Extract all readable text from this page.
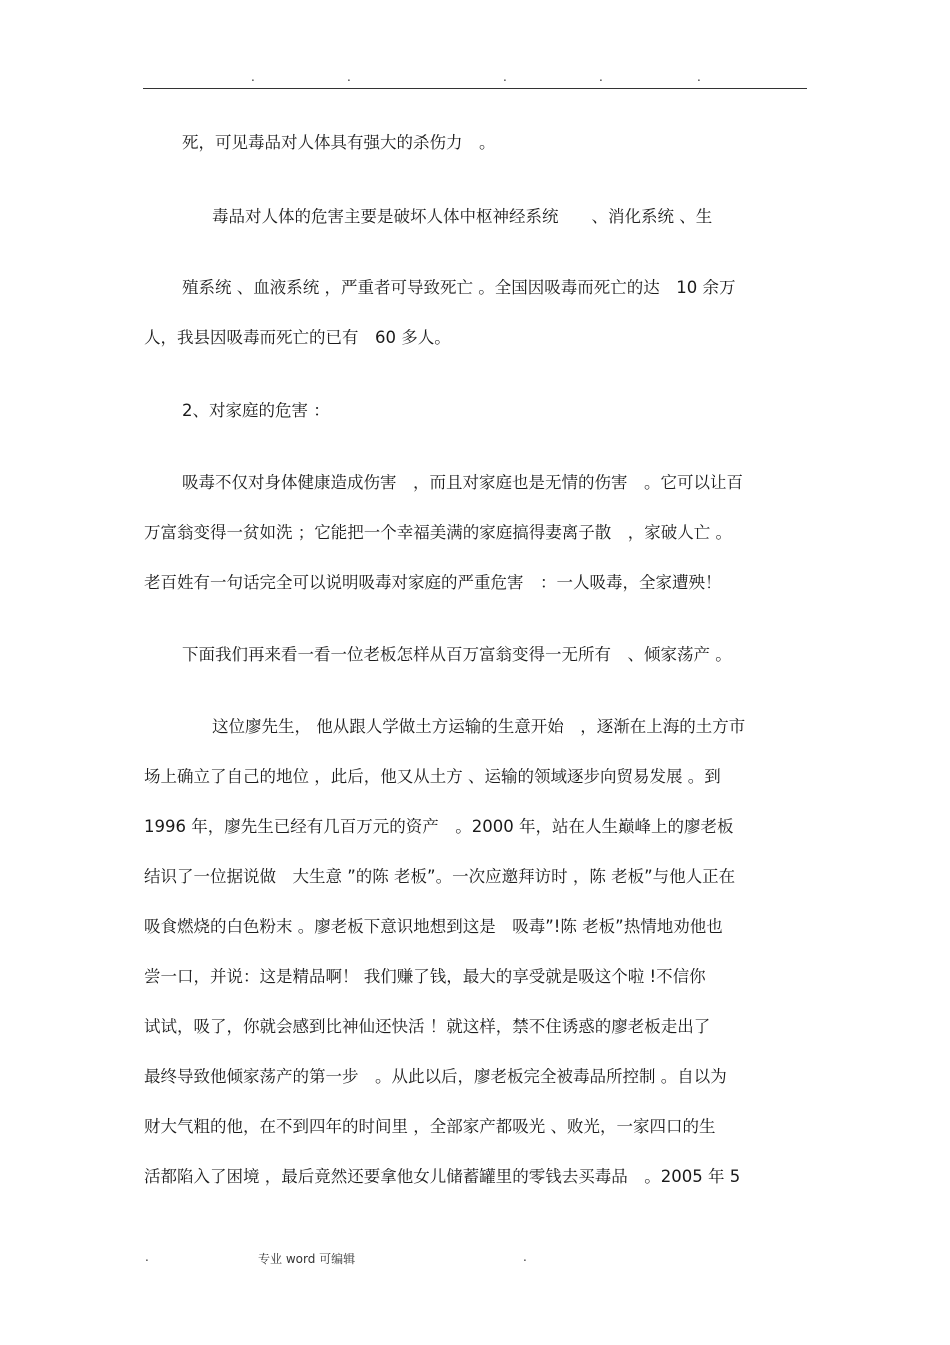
.	.	.	.	.
死，可见毒品对人体具有强大的杀伤力　。
毒品对人体的危害主要是破坏人体中枢神经系统　　、消化系统 、生
殖系统 、血液系统 ，严重者可导致死亡 。全国因吸毒而死亡的达　10 余万
人，我县因吸毒而死亡的已有　60 多人。
2、对家庭的危害 ：
吸毒不仅对身体健康造成伤害　，而且对家庭也是无情的伤害　。它可以让百
万富翁变得一贫如洗 ；它能把一个幸福美满的家庭搞得妻离子散　，家破人亡 。
老百姓有一句话完全可以说明吸毒对家庭的严重危害　：一人吸毒，全家遭殃！
下面我们再来看一看一位老板怎样从百万富翁变得一无所有　、倾家荡产 。
这位廖先生， 他从跟人学做土方运输的生意开始　，逐渐在上海的土方市
场上确立了自己的地位 ，此后，他又从土方 、运输的领域逐步向贸易发展 。到
1996 年，廖先生已经有几百万元的资产　。2000 年，站在人生巅峰上的廖老板
结识了一位据说做　大生意 ”的陈 老板”。一次应邀拜访时 ，陈 老板”与他人正在
吸食燃烧的白色粉末 。廖老板下意识地想到这是　吸毒”!陈 老板”热情地劝他也
尝一口，并说：这是精品啊！ 我们赚了钱，最大的享受就是吸这个啦 !不信你
试试，吸了，你就会感到比神仙还快活 ！就这样，禁不住诱惑的廖老板走出了
最终导致他倾家荡产的第一步　。从此以后，廖老板完全被毒品所控制 。自以为
财大气粗的他，在不到四年的时间里 ，全部家产都吸光 、败光，一家四口的生
活都陷入了困境 ，最后竟然还要拿他女儿储蓄罐里的零钱去买毒品　。2005 年 5
.	专业 word 可编辑	.
